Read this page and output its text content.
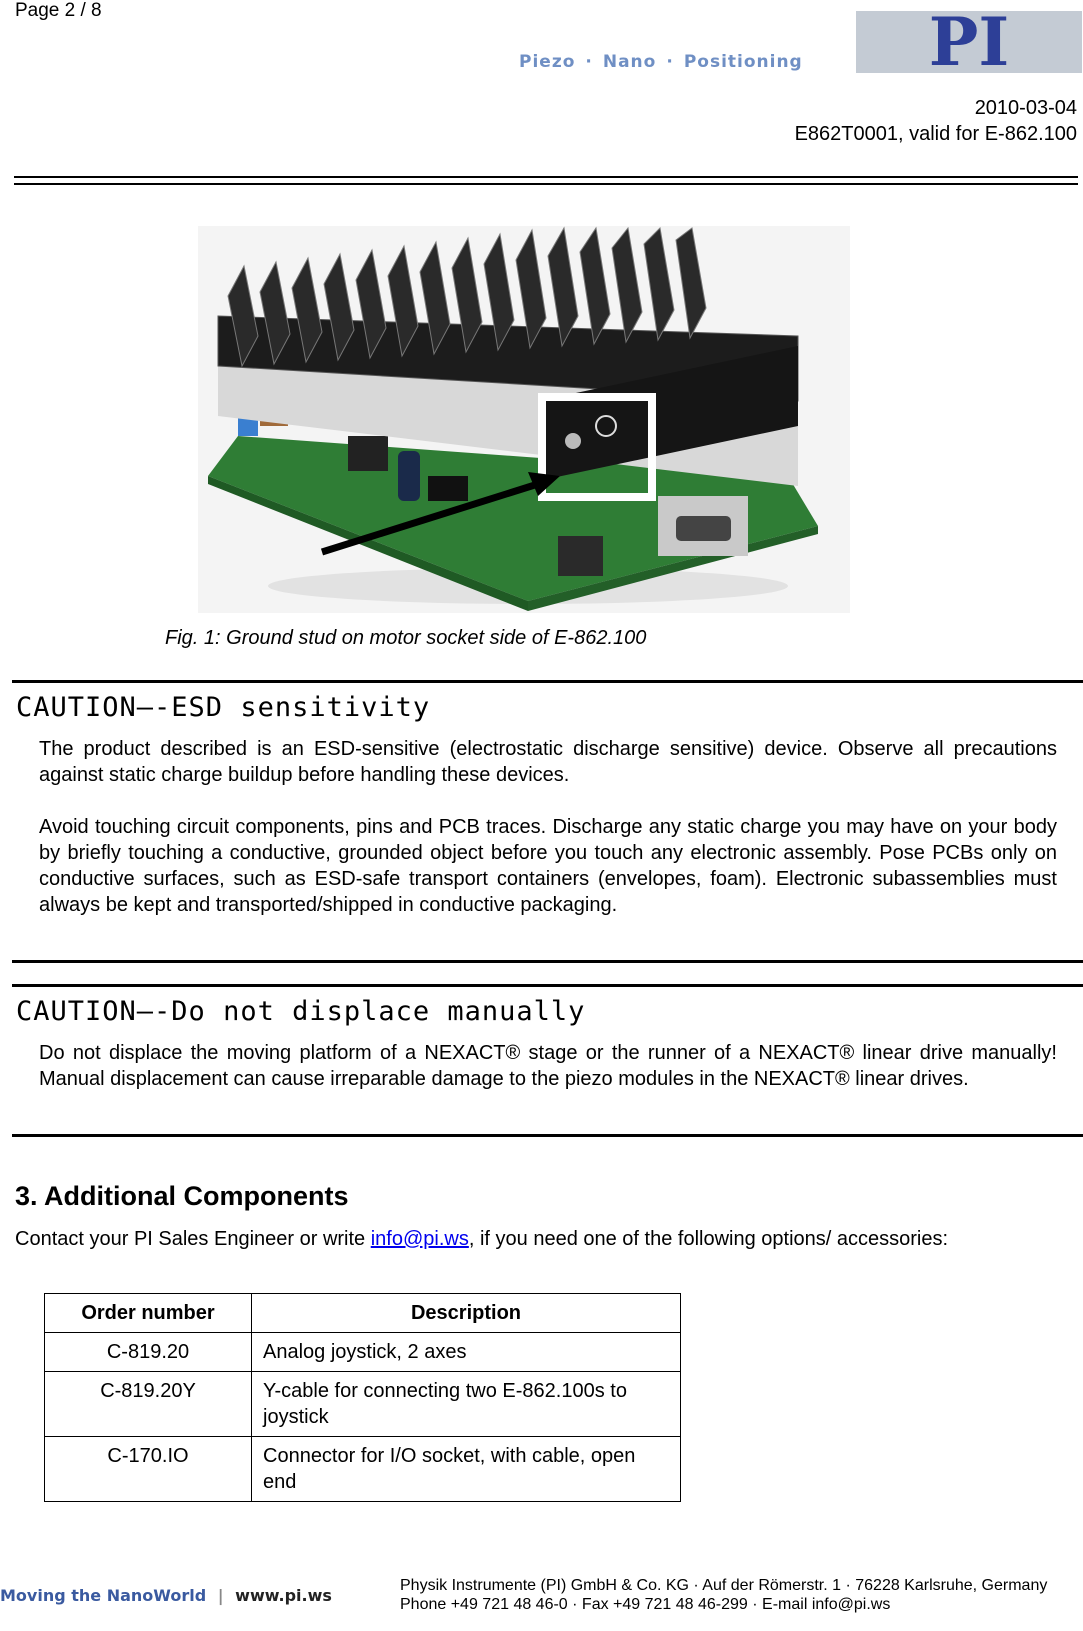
Page 2 / 8
Piezo · Nano · Positioning	PI
2010-03-04
E862T0001, valid for E-862.100
Fig. 1: Ground stud on motor socket side of E-862.100
CAUTION—-ESD sensitivity

The product described is an ESD-sensitive (electrostatic discharge sensitive) device. Observe all precautions against static charge buildup before handling these devices.

Avoid touching circuit components, pins and PCB traces. Discharge any static charge you may have on your body by briefly touching a conductive, grounded object before you touch any electronic assembly. Pose PCBs only on conductive surfaces, such as ESD-safe transport containers (envelopes, foam). Electronic subassemblies must always be kept and transported/shipped in conductive packaging.

CAUTION—-Do not displace manually

Do not displace the moving platform of a NEXACT® stage or the runner of a NEXACT® linear drive manually! Manual displacement can cause irreparable damage to the piezo modules in the NEXACT® linear drives.

3. Additional Components
Contact your PI Sales Engineer or write info@pi.ws, if you need one of the following options/ accessories:
Order number	Description
C-819.20	Analog joystick, 2 axes
C-819.20Y	Y-cable for connecting two E-862.100s to joystick
C-170.IO	Connector for I/O socket, with cable, open end
Moving the NanoWorld | www.pi.ws
Physik Instrumente (PI) GmbH & Co. KG · Auf der Römerstr. 1 · 76228 Karlsruhe, Germany
Phone +49 721 48 46-0 · Fax +49 721 48 46-299 · E-mail info@pi.ws
